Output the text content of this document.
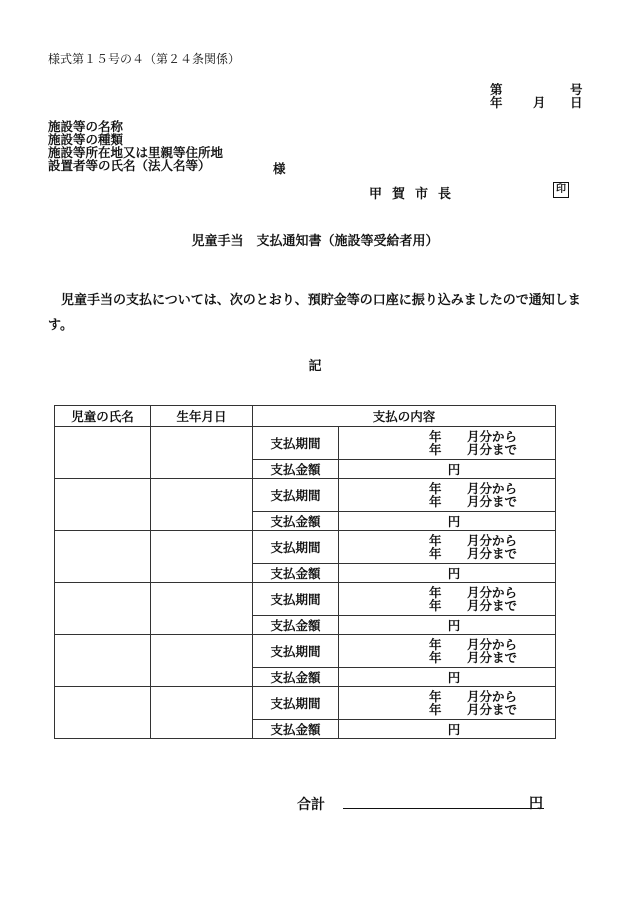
様式第１５号の４（第２４条関係）
第	号
年 月 日
施設等の名称
施設等の種類
施設等所在地又は里親等住所地
設置者等の氏名（法人名等）	様
甲賀市長	印
児童手当　支払通知書（施設等受給者用）
児童手当の支払については、次のとおり、預貯金等の口座に振り込みましたので通知します。
記
児童の氏名	生年月日	支払の内容	
		支払期間	年 月分から
年 月分まで

		支払金額	円
		支払期間	年 月分から
年 月分まで

		支払金額	円
		支払期間	年 月分から
年 月分まで

		支払金額	円
		支払期間	年 月分から
年 月分まで

		支払金額	円
		支払期間	年 月分から
年 月分まで

		支払金額	円
		支払期間	年 月分から
年 月分まで

		支払金額	円
合計	円
